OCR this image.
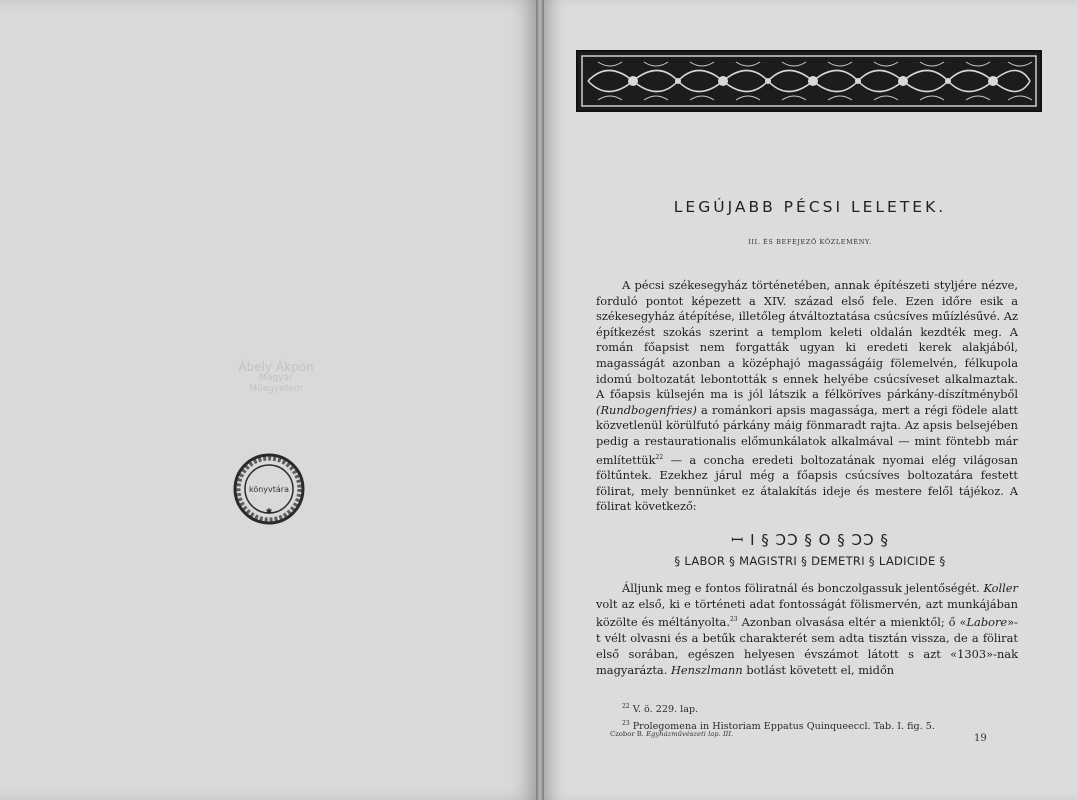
Ábely Ákpon
Magyar
Műegyetem
könyvtára
✱
LEGÚJABB PÉCSI LELETEK.
III. ÉS BEFEJEZŐ KÖZLEMÉNY.

A pécsi székesegyház történetében, annak építészeti styljére nézve, forduló pontot képezett a XIV. század első fele. Ezen időre esik a székesegyház átépítése, illetőleg átváltoztatása csúcsíves műízlésűvé. Az építkezést szokás szerint a templom keleti oldalán kezdték meg. A román főapsist nem forgatták ugyan ki eredeti kerek alakjából, magasságát azonban a középhajó magasságáig fölemelvén, félkupola idomú boltozatát lebontották s ennek helyébe csúcsíveset alkalmaztak. A főapsis külsején ma is jól látszik a félköríves párkány-díszítményből (Rundbogenfries) a románkori apsis magassága, mert a régi födele alatt közvetlenül körülfutó párkány máig fönmaradt rajta. Az apsis belsejében pedig a restaurationalis előmunkálatok alkalmával — mint föntebb már említettük$^{22}$ — a concha eredeti boltozatának nyomai elég világosan föltűntek. Ezekhez járul még a főapsis csúcsíves boltozatára festett fölirat, mely bennünket ez átalakítás ideje és mestere felől tájékoz. A fölirat következő:

ꟷ I § ƆƆ § O § ƆƆ §
§ LABOR § MAGISTRI § DEMETRI § LADICIDE §

Álljunk meg e fontos föliratnál és bonczolgassuk jelentőségét. Koller volt az első, ki e történeti adat fontosságát fölismervén, azt munkájában közölte és méltányolta.$^{23}$ Azonban olvasása eltér a mienktől; ő «Labore»-t vélt olvasni és a betűk charakterét sem adta tisztán vissza, de a fölirat első sorában, egészen helyesen évszámot látott s azt «1303»-nak magyarázta. Henszlmann botlást követett el, midőn

$^{22}$ V. ö. 229. lap.
$^{23}$ Prolegomena in Historiam Eppatus Quinqueeccl. Tab. I. fig. 5.
Czobor B. Egyházművészeti lap. III.	19
